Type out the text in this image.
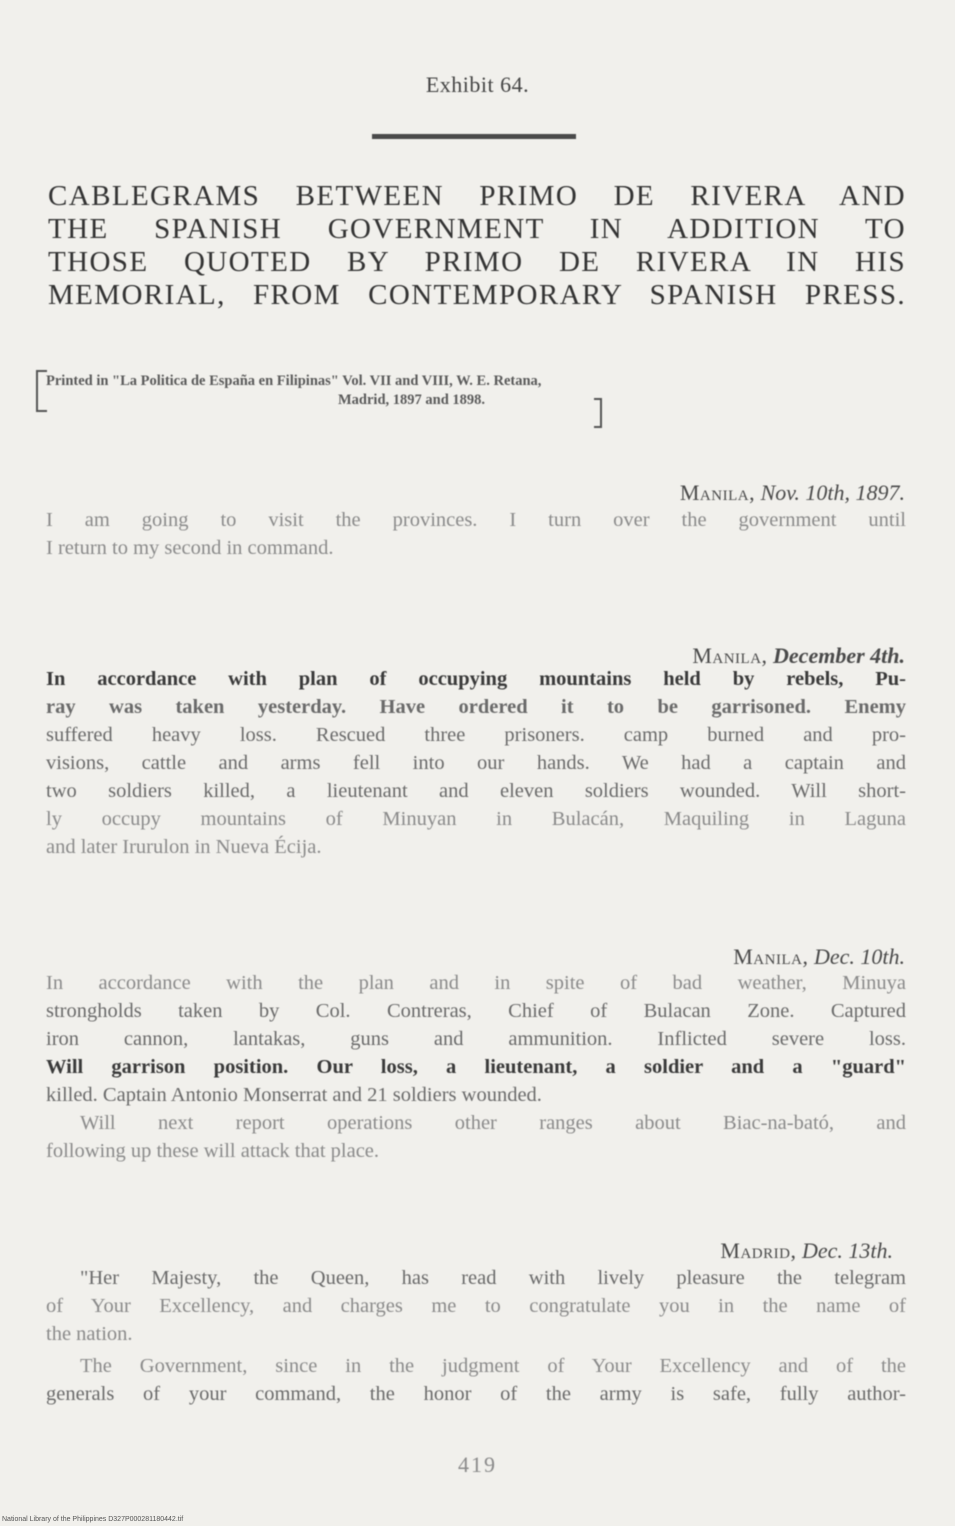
Exhibit 64.
CABLEGRAMS BETWEEN PRIMO DE RIVERA AND
THE SPANISH GOVERNMENT IN ADDITION TO
THOSE QUOTED BY PRIMO DE RIVERA IN HIS
MEMORIAL, FROM CONTEMPORARY SPANISH PRESS.
Printed in "La Politica de España en Filipinas" Vol. VII and VIII, W. E. Retana,
Madrid, 1897 and 1898.
Manila, Nov. 10th, 1897.
I am going to visit the provinces. I turn over the government until
I return to my second in command.
Manila, December 4th.
In accordance with plan of occupying mountains held by rebels, Pu-
ray was taken yesterday. Have ordered it to be garrisoned. Enemy
suffered heavy loss. Rescued three prisoners. camp burned and pro-
visions, cattle and arms fell into our hands. We had a captain and
two soldiers killed, a lieutenant and eleven soldiers wounded. Will short-
ly occupy mountains of Minuyan in Bulacán, Maquiling in Laguna
and later Irurulon in Nueva Écija.
Manila, Dec. 10th.
In accordance with the plan and in spite of bad weather, Minuya
strongholds taken by Col. Contreras, Chief of Bulacan Zone. Captured
iron cannon, lantakas, guns and ammunition. Inflicted severe loss.
Will garrison position. Our loss, a lieutenant, a soldier and a "guard"
killed. Captain Antonio Monserrat and 21 soldiers wounded.
Will next report operations other ranges about Biac-na-bató, and
following up these will attack that place.
Madrid, Dec. 13th.
"Her Majesty, the Queen, has read with lively pleasure the telegram
of Your Excellency, and charges me to congratulate you in the name of
the nation.
The Government, since in the judgment of Your Excellency and of the
generals of your command, the honor of the army is safe, fully author-
419
National Library of the Philippines D327P000281180442.tif
